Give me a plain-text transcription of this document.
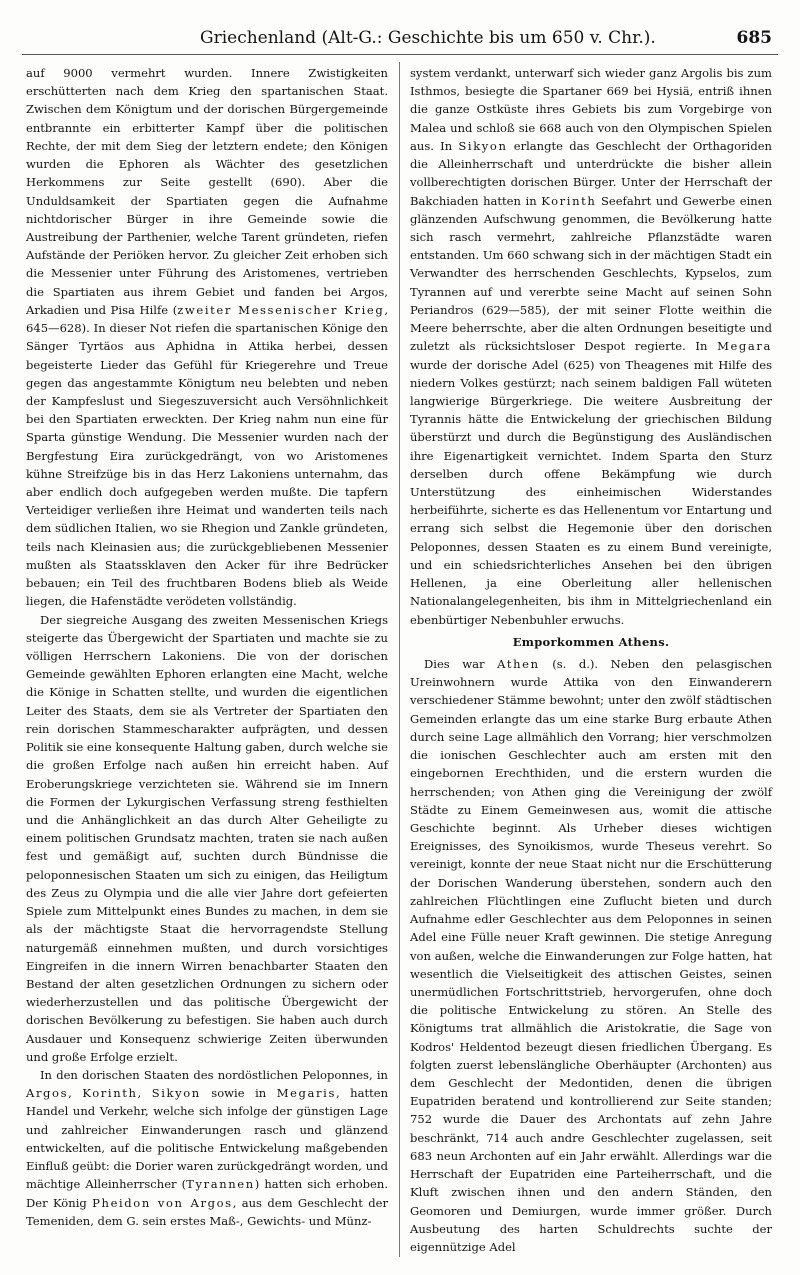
Griechenland (Alt-G.: Geschichte bis um 650 v. Chr.).	685

auf 9000 vermehrt wurden. Innere Zwistigkeiten erschütterten nach dem Krieg den spartanischen Staat. Zwischen dem Königtum und der dorischen Bürgergemeinde entbrannte ein erbitterter Kampf über die politischen Rechte, der mit dem Sieg der letztern endete; den Königen wurden die Ephoren als Wächter des gesetzlichen Herkommens zur Seite gestellt (690). Aber die Unduldsamkeit der Spartiaten gegen die Aufnahme nichtdorischer Bürger in ihre Gemeinde sowie die Austreibung der Parthenier, welche Tarent gründeten, riefen Aufstände der Periöken hervor. Zu gleicher Zeit erhoben sich die Messenier unter Führung des Aristomenes, vertrieben die Spartiaten aus ihrem Gebiet und fanden bei Argos, Arkadien und Pisa Hilfe (zweiter Messenischer Krieg, 645—628). In dieser Not riefen die spartanischen Könige den Sänger Tyrtäos aus Aphidna in Attika herbei, dessen begeisterte Lieder das Gefühl für Kriegerehre und Treue gegen das angestammte Königtum neu belebten und neben der Kampfeslust und Siegeszuversicht auch Versöhnlichkeit bei den Spartiaten erweckten. Der Krieg nahm nun eine für Sparta günstige Wendung. Die Messenier wurden nach der Bergfestung Eira zurückgedrängt, von wo Aristomenes kühne Streifzüge bis in das Herz Lakoniens unternahm, das aber endlich doch aufgegeben werden mußte. Die tapfern Verteidiger verließen ihre Heimat und wanderten teils nach dem südlichen Italien, wo sie Rhegion und Zankle gründeten, teils nach Kleinasien aus; die zurückgebliebenen Messenier mußten als Staatssklaven den Acker für ihre Bedrücker bebauen; ein Teil des fruchtbaren Bodens blieb als Weide liegen, die Hafenstädte verödeten vollständig.

Der siegreiche Ausgang des zweiten Messenischen Kriegs steigerte das Übergewicht der Spartiaten und machte sie zu völligen Herrschern Lakoniens. Die von der dorischen Gemeinde gewählten Ephoren erlangten eine Macht, welche die Könige in Schatten stellte, und wurden die eigentlichen Leiter des Staats, dem sie als Vertreter der Spartiaten den rein dorischen Stammescharakter aufprägten, und dessen Politik sie eine konsequente Haltung gaben, durch welche sie die großen Erfolge nach außen hin erreicht haben. Auf Eroberungskriege verzichteten sie. Während sie im Innern die Formen der Lykurgischen Verfassung streng festhielten und die Anhänglichkeit an das durch Alter Geheiligte zu einem politischen Grundsatz machten, traten sie nach außen fest und gemäßigt auf, suchten durch Bündnisse die peloponnesischen Staaten um sich zu einigen, das Heiligtum des Zeus zu Olympia und die alle vier Jahre dort gefeierten Spiele zum Mittelpunkt eines Bundes zu machen, in dem sie als der mächtigste Staat die hervorragendste Stellung naturgemäß einnehmen mußten, und durch vorsichtiges Eingreifen in die innern Wirren benachbarter Staaten den Bestand der alten gesetzlichen Ordnungen zu sichern oder wiederherzustellen und das politische Übergewicht der dorischen Bevölkerung zu befestigen. Sie haben auch durch Ausdauer und Konsequenz schwierige Zeiten überwunden und große Erfolge erzielt.

In den dorischen Staaten des nordöstlichen Peloponnes, in Argos, Korinth, Sikyon sowie in Megaris, hatten Handel und Verkehr, welche sich infolge der günstigen Lage und zahlreicher Einwanderungen rasch und glänzend entwickelten, auf die politische Entwickelung maßgebenden Einfluß geübt: die Dorier waren zurückgedrängt worden, und mächtige Alleinherrscher (Tyrannen) hatten sich erhoben. Der König Pheidon von Argos, aus dem Geschlecht der Temeniden, dem G. sein erstes Maß-, Gewichts- und Münz-

system verdankt, unterwarf sich wieder ganz Argolis bis zum Isthmos, besiegte die Spartaner 669 bei Hysiä, entriß ihnen die ganze Ostküste ihres Gebiets bis zum Vorgebirge von Malea und schloß sie 668 auch von den Olympischen Spielen aus. In Sikyon erlangte das Geschlecht der Orthagoriden die Alleinherrschaft und unterdrückte die bisher allein vollberechtigten dorischen Bürger. Unter der Herrschaft der Bakchiaden hatten in Korinth Seefahrt und Gewerbe einen glänzenden Aufschwung genommen, die Bevölkerung hatte sich rasch vermehrt, zahlreiche Pflanzstädte waren entstanden. Um 660 schwang sich in der mächtigen Stadt ein Verwandter des herrschenden Geschlechts, Kypselos, zum Tyrannen auf und vererbte seine Macht auf seinen Sohn Periandros (629—585), der mit seiner Flotte weithin die Meere beherrschte, aber die alten Ordnungen beseitigte und zuletzt als rücksichtsloser Despot regierte. In Megara wurde der dorische Adel (625) von Theagenes mit Hilfe des niedern Volkes gestürzt; nach seinem baldigen Fall wüteten langwierige Bürgerkriege. Die weitere Ausbreitung der Tyrannis hätte die Entwickelung der griechischen Bildung überstürzt und durch die Begünstigung des Ausländischen ihre Eigenartigkeit vernichtet. Indem Sparta den Sturz derselben durch offene Bekämpfung wie durch Unterstützung des einheimischen Widerstandes herbeiführte, sicherte es das Hellenentum vor Entartung und errang sich selbst die Hegemonie über den dorischen Peloponnes, dessen Staaten es zu einem Bund vereinigte, und ein schiedsrichterliches Ansehen bei den übrigen Hellenen, ja eine Oberleitung aller hellenischen Nationalangelegenheiten, bis ihm in Mittelgriechenland ein ebenbürtiger Nebenbuhler erwuchs.

Emporkommen Athens.

Dies war Athen (s. d.). Neben den pelasgischen Ureinwohnern wurde Attika von den Einwanderern verschiedener Stämme bewohnt; unter den zwölf städtischen Gemeinden erlangte das um eine starke Burg erbaute Athen durch seine Lage allmählich den Vorrang; hier verschmolzen die ionischen Geschlechter auch am ersten mit den eingebornen Erechthiden, und die erstern wurden die herrschenden; von Athen ging die Vereinigung der zwölf Städte zu Einem Gemeinwesen aus, womit die attische Geschichte beginnt. Als Urheber dieses wichtigen Ereignisses, des Synoikismos, wurde Theseus verehrt. So vereinigt, konnte der neue Staat nicht nur die Erschütterung der Dorischen Wanderung überstehen, sondern auch den zahlreichen Flüchtlingen eine Zuflucht bieten und durch Aufnahme edler Geschlechter aus dem Peloponnes in seinen Adel eine Fülle neuer Kraft gewinnen. Die stetige Anregung von außen, welche die Einwanderungen zur Folge hatten, hat wesentlich die Vielseitigkeit des attischen Geistes, seinen unermüdlichen Fortschrittstrieb, hervorgerufen, ohne doch die politische Entwickelung zu stören. An Stelle des Königtums trat allmählich die Aristokratie, die Sage von Kodros' Heldentod bezeugt diesen friedlichen Übergang. Es folgten zuerst lebenslängliche Oberhäupter (Archonten) aus dem Geschlecht der Medontiden, denen die übrigen Eupatriden beratend und kontrollierend zur Seite standen; 752 wurde die Dauer des Archontats auf zehn Jahre beschränkt, 714 auch andre Geschlechter zugelassen, seit 683 neun Archonten auf ein Jahr erwählt. Allerdings war die Herrschaft der Eupatriden eine Parteiherrschaft, und die Kluft zwischen ihnen und den andern Ständen, den Geomoren und Demiurgen, wurde immer größer. Durch Ausbeutung des harten Schuldrechts suchte der eigennützige Adel
